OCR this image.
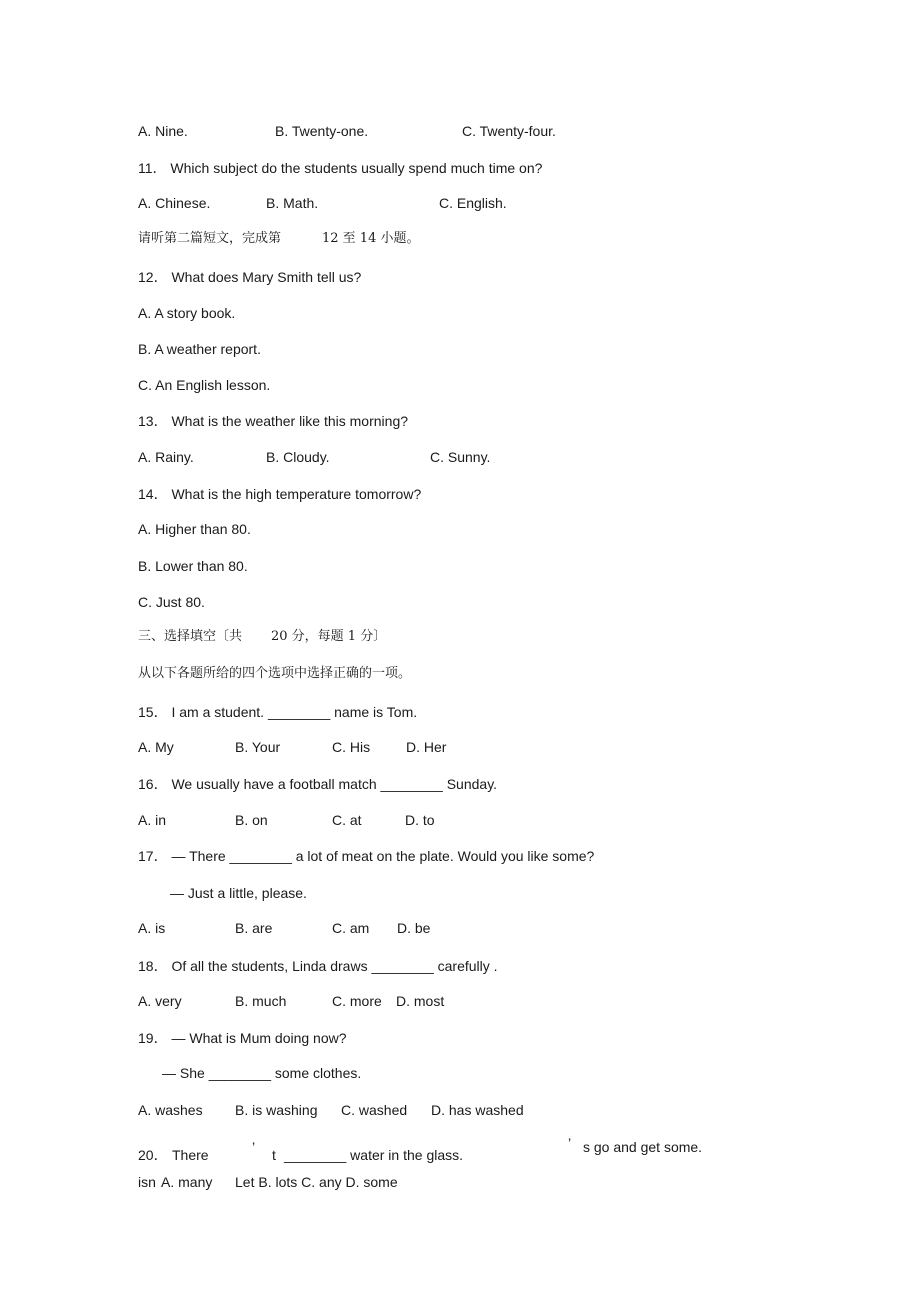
A. Nine.	B. Twenty-one.	C. Twenty-four.
11． Which subject do the students usually spend much time on?
A. Chinese.	B. Math.	C. English.
请听第二篇短文，完成第	12 至 14 小题。
12． What does Mary Smith tell us?
A. A story book.
B. A weather report.
C. An English lesson.
13． What is the weather like this morning?
A. Rainy.	B. Cloudy.	C. Sunny.
14． What is the high temperature tomorrow?
A. Higher than 80.
B. Lower than 80.
C. Just 80.
三、选择填空〔共 20 分，每题 1 分〕
从以下各题所给的四个选项中选择正确的一项。
15． I am a student. ________ name is Tom.
A. My	B. Your	C. His	D. Her
16． We usually have a football match ________ Sunday.
A. in	B. on	C. at	D. to
17． — There ________ a lot of meat on the plate. Would you like some?
— Just a little, please.
A. is	B. are	C. am D. be
18． Of all the students, Linda draws ________ carefully .
A. very	B. much	C. more D. most
19． — What is Mum doing now?
— She ________ some clothes.
A. washes B. is washing C. washed D. has washed
20． There	’ t ________ water in the glass.
’ s go and get some.
isn A. many Let B. lots C. any D. some
